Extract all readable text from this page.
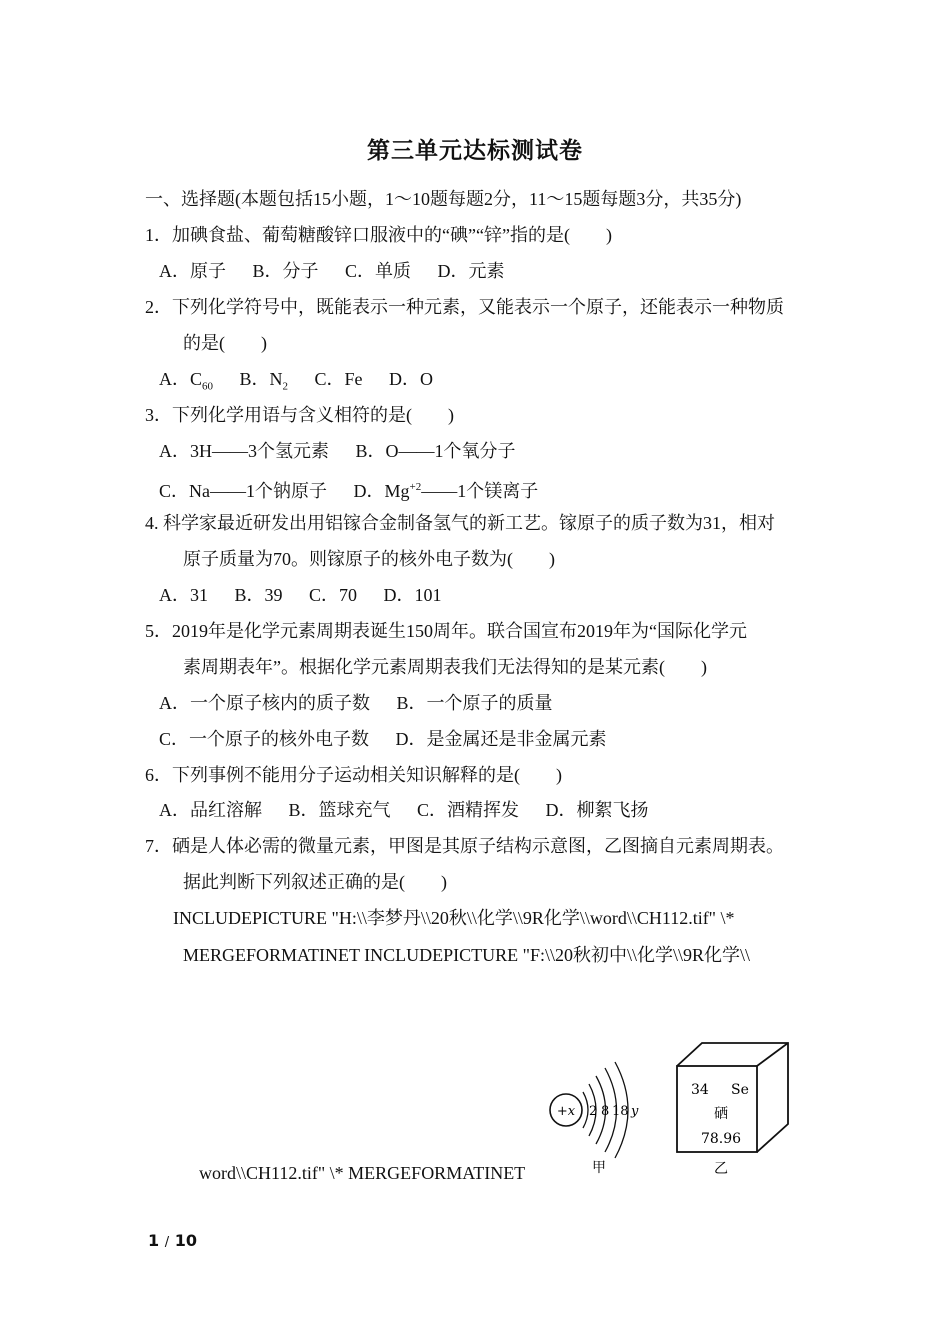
第三单元达标测试卷
一、选择题(本题包括15小题，1～10题每题2分，11～15题每题3分，共35分)
1．加碘食盐、葡萄糖酸锌口服液中的“碘”“锌”指的是(　　)
A．原子 B．分子 C．单质 D．元素
2．下列化学符号中，既能表示一种元素，又能表示一个原子，还能表示一种物质
的是(　　)
A．$C_{60}$ B．$N_2$ C．Fe D．O
3．下列化学用语与含义相符的是(　　)
A．3H——3个氢元素 B．O——1个氧分子
C．Na——1个钠原子 D．$Mg^{+2}——1$个镁离子
4. 科学家最近研发出用铝镓合金制备氢气的新工艺。镓原子的质子数为31，相对
原子质量为70。则镓原子的核外电子数为(　　)
A．31 B．39 C．70 D．101
5．2019年是化学元素周期表诞生150周年。联合国宣布2019年为“国际化学元
素周期表年”。根据化学元素周期表我们无法得知的是某元素(　　)
A．一个原子核内的质子数 B．一个原子的质量
C．一个原子的核外电子数 D．是金属还是非金属元素
6．下列事例不能用分子运动相关知识解释的是(　　)
A．品红溶解 B．篮球充气 C．酒精挥发 D．柳絮飞扬
7．硒是人体必需的微量元素，甲图是其原子结构示意图，乙图摘自元素周期表。
据此判断下列叙述正确的是(　　)
INCLUDEPICTURE "H:\\李梦丹\\20秋\\化学\\9R化学\\word\\CH112.tif" \*
MERGEFORMATINET INCLUDEPICTURE "F:\\20秋初中\\化学\\9R化学\\
word\\CH112.tif" \* MERGEFORMATINET
+x 2 8 18 y
甲
34 Se
硒
78.96
乙
1 / 10
